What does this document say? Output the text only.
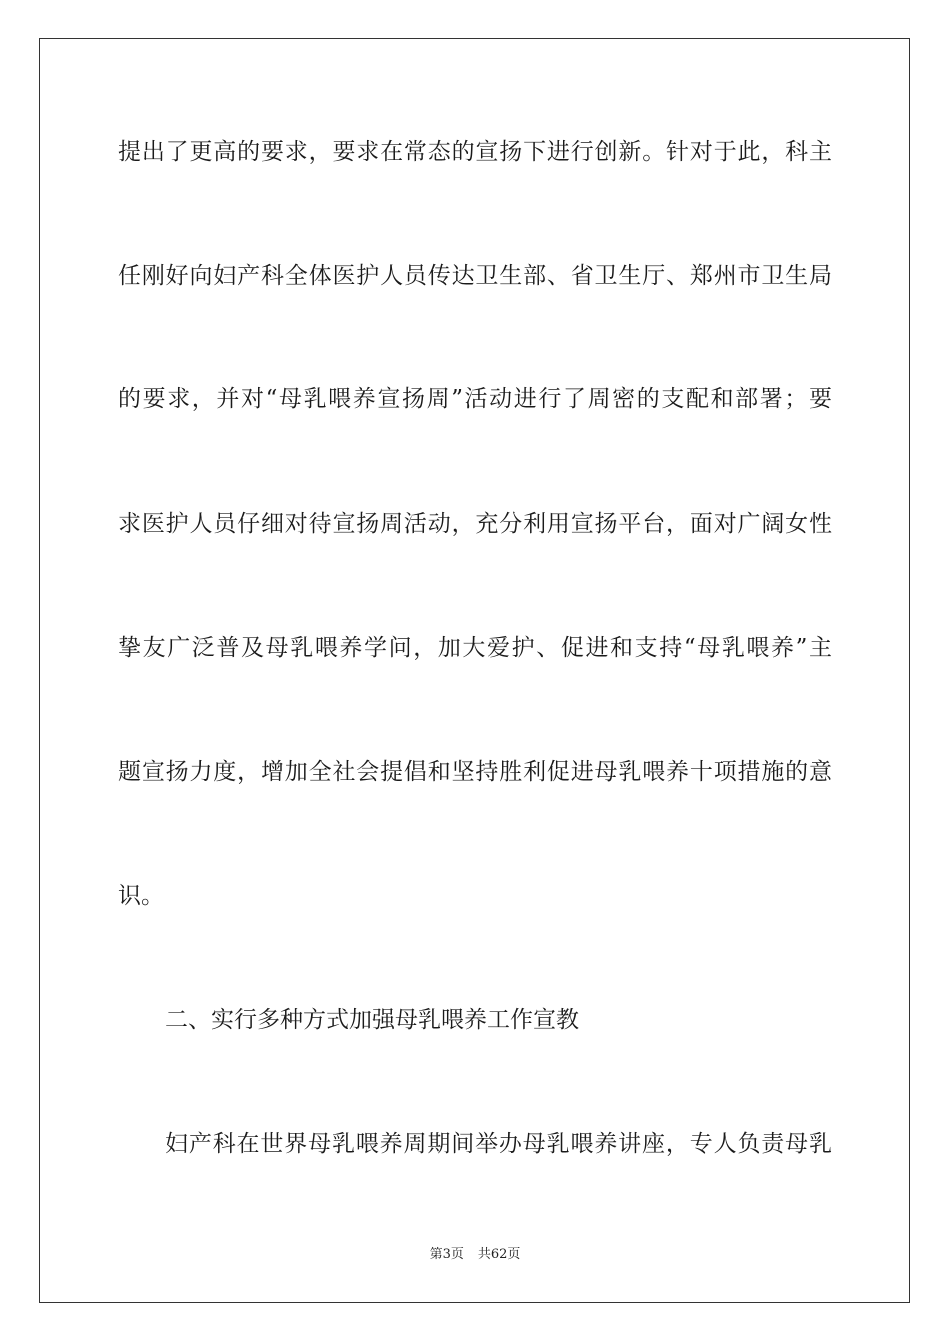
提出了更高的要求，要求在常态的宣扬下进行创新。针对于此，科主
任刚好向妇产科全体医护人员传达卫生部、省卫生厅、郑州市卫生局
的要求，并对“母乳喂养宣扬周”活动进行了周密的支配和部署；要
求医护人员仔细对待宣扬周活动，充分利用宣扬平台，面对广阔女性
挚友广泛普及母乳喂养学问，加大爱护、促进和支持“母乳喂养”主
题宣扬力度，增加全社会提倡和坚持胜利促进母乳喂养十项措施的意
识。
二、实行多种方式加强母乳喂养工作宣教
妇产科在世界母乳喂养周期间举办母乳喂养讲座，专人负责母乳
第3页 共62页
